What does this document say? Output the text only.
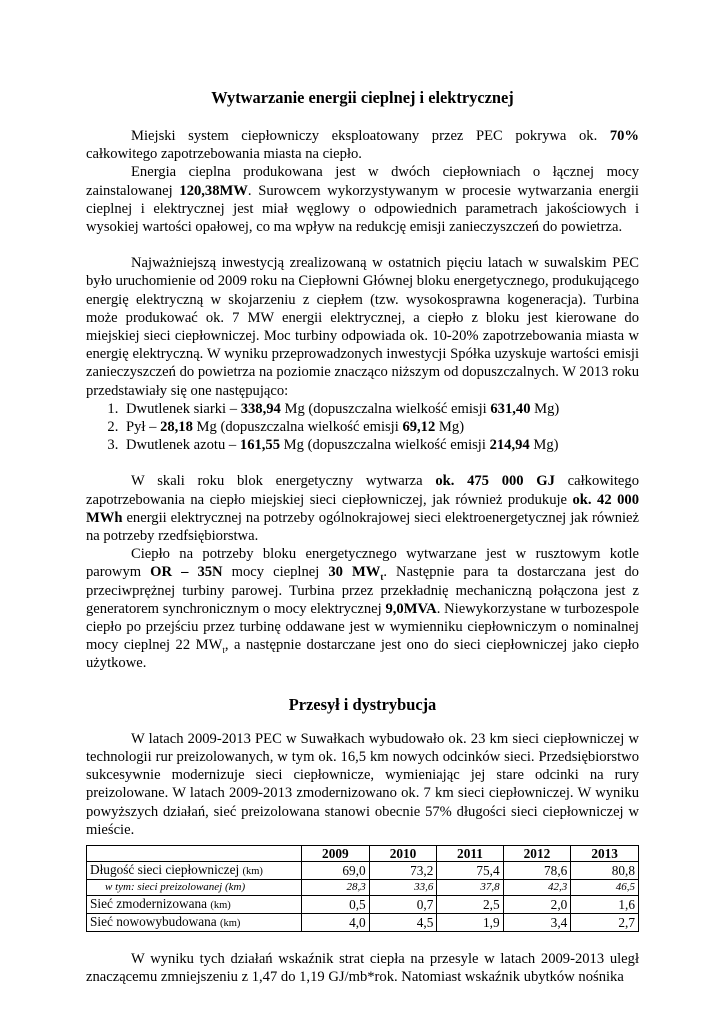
Wytwarzanie energii cieplnej i elektrycznej

Miejski system ciepłowniczy eksploatowany przez PEC pokrywa ok. 70% całkowitego zapotrzebowania miasta na ciepło.

Energia cieplna produkowana jest w dwóch ciepłowniach o łącznej mocy zainstalowanej 120,38MW. Surowcem wykorzystywanym w procesie wytwarzania energii cieplnej i elektrycznej jest miał węglowy o odpowiednich parametrach jakościowych i wysokiej wartości opałowej, co ma wpływ na redukcję emisji zanieczyszczeń do powietrza.

Najważniejszą inwestycją zrealizowaną w ostatnich pięciu latach w suwalskim PEC było uruchomienie od 2009 roku na Ciepłowni Głównej bloku energetycznego, produkującego energię elektryczną w skojarzeniu z ciepłem (tzw. wysokosprawna kogeneracja). Turbina może produkować ok. 7 MW energii elektrycznej, a ciepło z bloku jest kierowane do miejskiej sieci ciepłowniczej. Moc turbiny odpowiada ok. 10-20% zapotrzebowania miasta w energię elektryczną. W wyniku przeprowadzonych inwestycji Spółka uzyskuje wartości emisji zanieczyszczeń do powietrza na poziomie znacząco niższym od dopuszczalnych. W 2013 roku przedstawiały się one następująco:

1. Dwutlenek siarki – 338,94 Mg (dopuszczalna wielkość emisji 631,40 Mg)
2. Pył – 28,18 Mg (dopuszczalna wielkość emisji 69,12 Mg)
3. Dwutlenek azotu – 161,55 Mg (dopuszczalna wielkość emisji 214,94 Mg)

W skali roku blok energetyczny wytwarza ok. 475 000 GJ całkowitego zapotrzebowania na ciepło miejskiej sieci ciepłowniczej, jak również produkuje ok. 42 000 MWh energii elektrycznej na potrzeby ogólnokrajowej sieci elektroenergetycznej jak również na potrzeby rzedfsiębiorstwa.

Ciepło na potrzeby bloku energetycznego wytwarzane jest w rusztowym kotle parowym OR – 35N mocy cieplnej 30 $MW_t$. Następnie para ta dostarczana jest do przeciwprężnej turbiny parowej. Turbina przez przekładnię mechaniczną połączona jest z generatorem synchronicznym o mocy elektrycznej 9,0MVA. Niewykorzystane w turbozespole ciepło po przejściu przez turbinę oddawane jest w wymienniku ciepłowniczym o nominalnej mocy cieplnej 22 $MW_t$, a następnie dostarczane jest ono do sieci ciepłowniczej jako ciepło użytkowe.

Przesył i dystrybucja

W latach 2009-2013 PEC w Suwałkach wybudowało ok. 23 km sieci ciepłowniczej w technologii rur preizolowanych, w tym ok. 16,5 km nowych odcinków sieci. Przedsiębiorstwo sukcesywnie modernizuje sieci ciepłownicze, wymieniając jej stare odcinki na rury preizolowane. W latach 2009-2013 zmodernizowano ok. 7 km sieci ciepłowniczej. W wyniku powyższych działań, sieć preizolowana stanowi obecnie 57% długości sieci ciepłowniczej w mieście.

	2009	2010	2011	2012	2013
Długość sieci ciepłowniczej (km)	69,0	73,2	75,4	78,6	80,8
w tym: sieci preizolowanej (km)	28,3	33,6	37,8	42,3	46,5
Sieć zmodernizowana (km)	0,5	0,7	2,5	2,0	1,6
Sieć nowowybudowana (km)	4,0	4,5	1,9	3,4	2,7

W wyniku tych działań wskaźnik strat ciepła na przesyle w latach 2009-2013 uległ znaczącemu zmniejszeniu z 1,47 do 1,19 GJ/mb*rok. Natomiast wskaźnik ubytków nośnika
